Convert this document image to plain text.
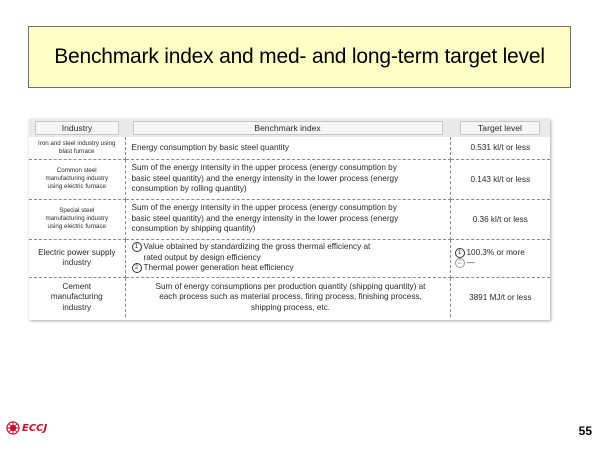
Benchmark index and med- and long-term target level
Industry	Benchmark index	Target level

Iron and steel industry using
blast furnace	Energy consumption by basic steel quantity	0.531 kl/t or less

Common steel
manufacturing industry
using electric furnace	Sum of the energy intensity in the upper process (energy consumption by
basic steel quantity) and the energy intensity in the lower process (energy
consumption by rolling quantity)	0.143 kl/t or less

Special steel
manufacturing industry
using electric furnace	Sum of the energy intensity in the upper process (energy consumption by
basic steel quantity) and the energy intensity in the lower process (energy
consumption by shipping quantity)	0.36 kl/t or less

Electric power supply
industry	1 Value obtained by standardizing the gross thermal efficiency at
rated output by design efficiency
2 Thermal power generation heat efficiency	1 100.3% or more
2 —

Cement
manufacturing
industry	Sum of energy consumptions per production quantity (shipping quantity) at
each process such as material process, firing process, finishing process,
shipping process, etc.	3891 MJ/t or less
ECCJ	55
